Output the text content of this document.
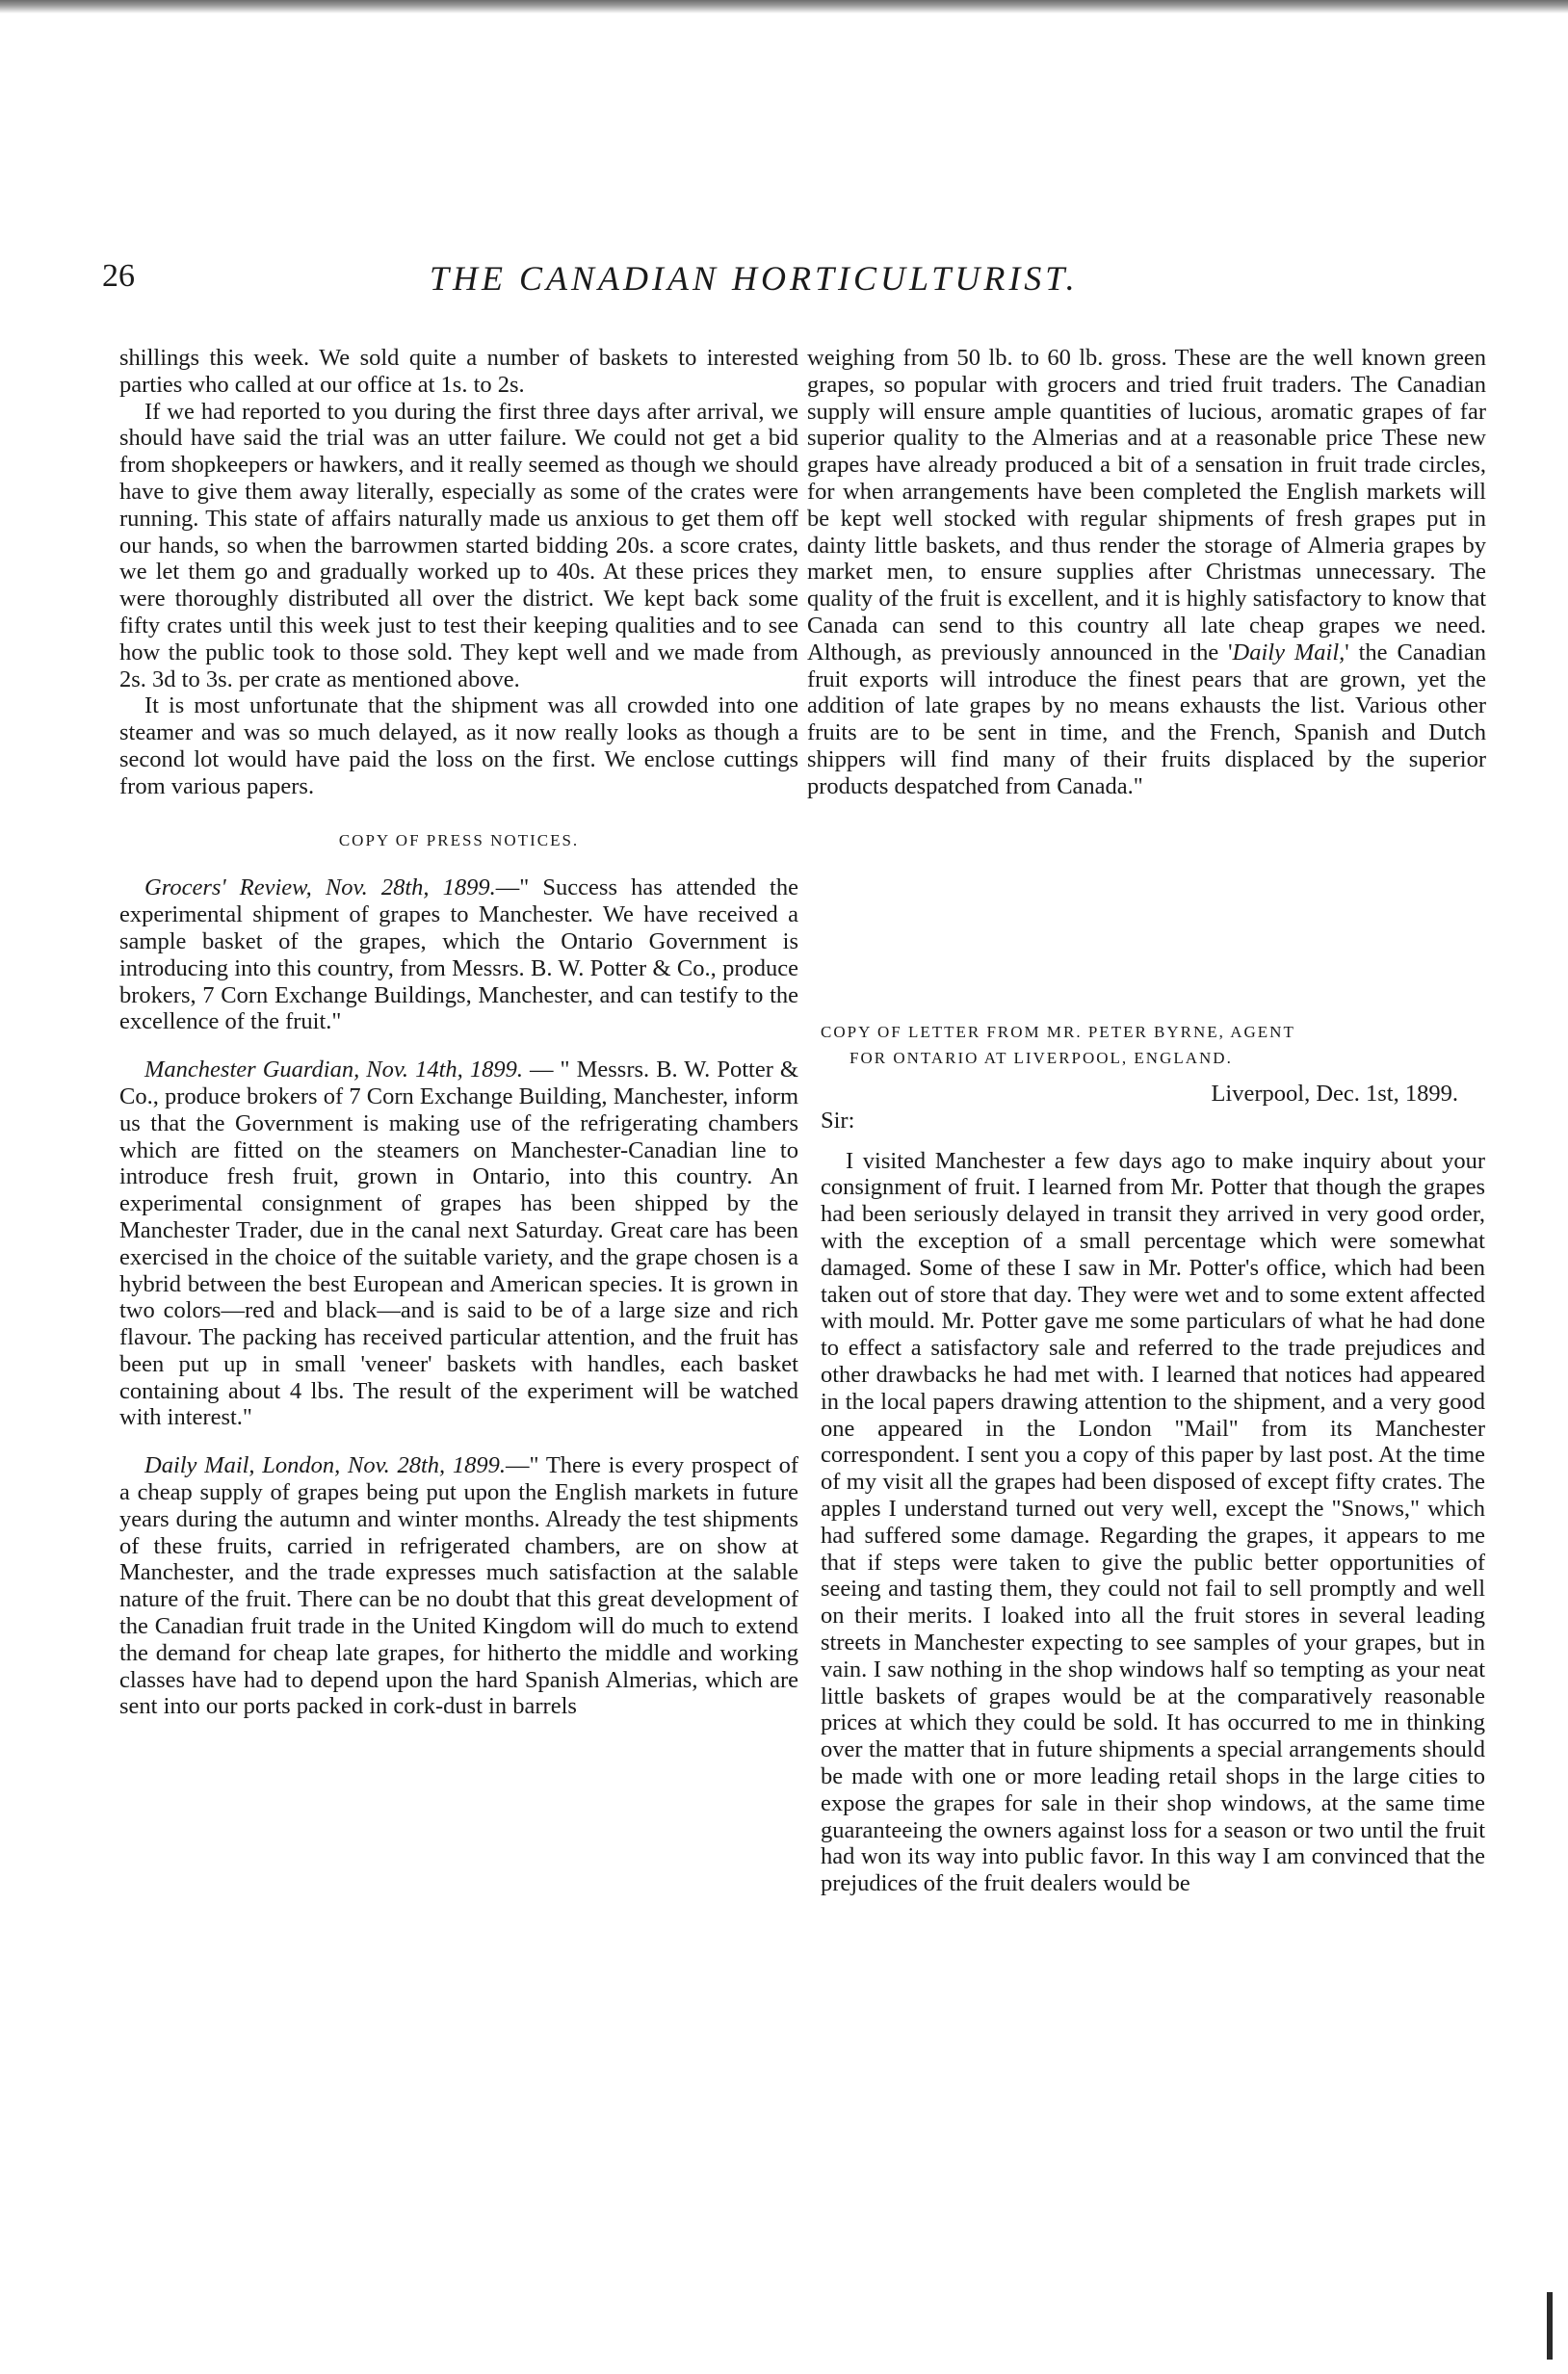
26	THE CANADIAN HORTICULTURIST.

shillings this week. We sold quite a number of baskets to interested parties who called at our office at 1s. to 2s.

If we had reported to you during the first three days after arrival, we should have said the trial was an utter failure. We could not get a bid from shopkeepers or hawkers, and it really seemed as though we should have to give them away literally, especially as some of the crates were running. This state of affairs naturally made us anxious to get them off our hands, so when the barrowmen started bidding 20s. a score crates, we let them go and gradually worked up to 40s. At these prices they were thoroughly distributed all over the district. We kept back some fifty crates until this week just to test their keeping qualities and to see how the public took to those sold. They kept well and we made from 2s. 3d to 3s. per crate as mentioned above.

It is most unfortunate that the shipment was all crowded into one steamer and was so much delayed, as it now really looks as though a second lot would have paid the loss on the first. We enclose cuttings from various papers.

COPY OF PRESS NOTICES.

Grocers' Review, Nov. 28th, 1899.—" Success has attended the experimental shipment of grapes to Manchester. We have received a sample basket of the grapes, which the Ontario Government is introducing into this country, from Messrs. B. W. Potter & Co., produce brokers, 7 Corn Exchange Buildings, Manchester, and can testify to the excellence of the fruit."

Manchester Guardian, Nov. 14th, 1899. — " Messrs. B. W. Potter & Co., produce brokers of 7 Corn Exchange Building, Manchester, inform us that the Government is making use of the refrigerating chambers which are fitted on the steamers on Manchester-Canadian line to introduce fresh fruit, grown in Ontario, into this country. An experimental consignment of grapes has been shipped by the Manchester Trader, due in the canal next Saturday. Great care has been exercised in the choice of the suitable variety, and the grape chosen is a hybrid between the best European and American species. It is grown in two colors—red and black—and is said to be of a large size and rich flavour. The packing has received particular attention, and the fruit has been put up in small 'veneer' baskets with handles, each basket containing about 4 lbs. The result of the experiment will be watched with interest."

Daily Mail, London, Nov. 28th, 1899.—" There is every prospect of a cheap supply of grapes being put upon the English markets in future years during the autumn and winter months. Already the test shipments of these fruits, carried in refrigerated chambers, are on show at Manchester, and the trade expresses much satisfaction at the salable nature of the fruit. There can be no doubt that this great development of the Canadian fruit trade in the United Kingdom will do much to extend the demand for cheap late grapes, for hitherto the middle and working classes have had to depend upon the hard Spanish Almerias, which are sent into our ports packed in cork-dust in barrels

weighing from 50 lb. to 60 lb. gross. These are the well known green grapes, so popular with grocers and tried fruit traders. The Canadian supply will ensure ample quantities of lucious, aromatic grapes of far superior quality to the Almerias and at a reasonable price These new grapes have already produced a bit of a sensation in fruit trade circles, for when arrangements have been completed the English markets will be kept well stocked with regular shipments of fresh grapes put in dainty little baskets, and thus render the storage of Almeria grapes by market men, to ensure supplies after Christmas unnecessary. The quality of the fruit is excellent, and it is highly satisfactory to know that Canada can send to this country all late cheap grapes we need. Although, as previously announced in the 'Daily Mail,' the Canadian fruit exports will introduce the finest pears that are grown, yet the addition of late grapes by no means exhausts the list. Various other fruits are to be sent in time, and the French, Spanish and Dutch shippers will find many of their fruits displaced by the superior products despatched from Canada."

COPY OF LETTER FROM MR. PETER BYRNE, AGENT
FOR ONTARIO AT LIVERPOOL, ENGLAND.

Liverpool, Dec. 1st, 1899.

Sir:

I visited Manchester a few days ago to make inquiry about your consignment of fruit. I learned from Mr. Potter that though the grapes had been seriously delayed in transit they arrived in very good order, with the exception of a small percentage which were somewhat damaged. Some of these I saw in Mr. Potter's office, which had been taken out of store that day. They were wet and to some extent affected with mould. Mr. Potter gave me some particulars of what he had done to effect a satisfactory sale and referred to the trade prejudices and other drawbacks he had met with. I learned that notices had appeared in the local papers drawing attention to the shipment, and a very good one appeared in the London "Mail" from its Manchester correspondent. I sent you a copy of this paper by last post. At the time of my visit all the grapes had been disposed of except fifty crates. The apples I understand turned out very well, except the "Snows," which had suffered some damage. Regarding the grapes, it appears to me that if steps were taken to give the public better opportunities of seeing and tasting them, they could not fail to sell promptly and well on their merits. I loaked into all the fruit stores in several leading streets in Manchester expecting to see samples of your grapes, but in vain. I saw nothing in the shop windows half so tempting as your neat little baskets of grapes would be at the comparatively reasonable prices at which they could be sold. It has occurred to me in thinking over the matter that in future shipments a special arrangements should be made with one or more leading retail shops in the large cities to expose the grapes for sale in their shop windows, at the same time guaranteeing the owners against loss for a season or two until the fruit had won its way into public favor. In this way I am convinced that the prejudices of the fruit dealers would be
